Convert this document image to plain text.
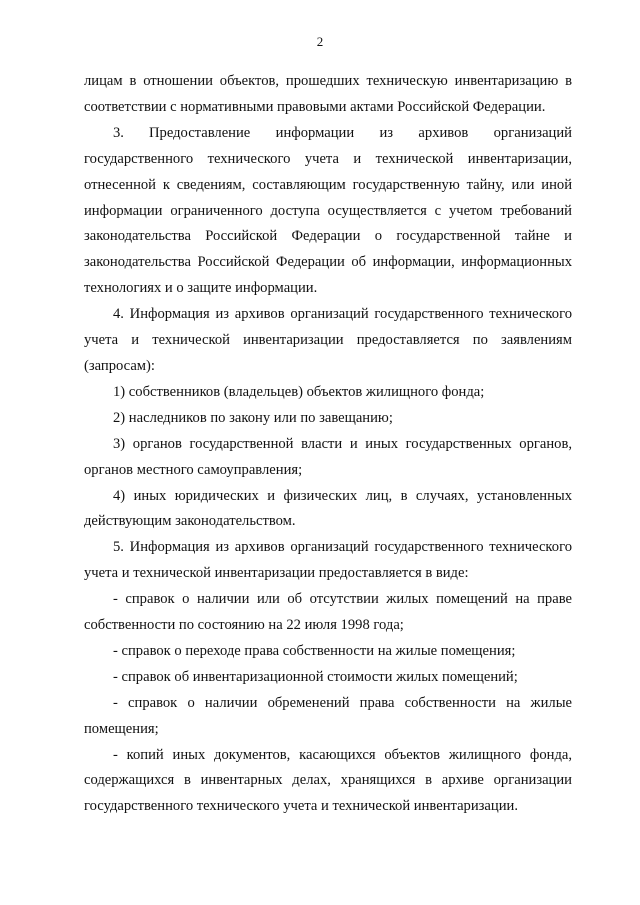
2

лицам в отношении объектов, прошедших техническую инвентаризацию в соответствии с нормативными правовыми актами Российской Федерации.

3. Предоставление информации из архивов организаций государственного технического учета и технической инвентаризации, отнесенной к сведениям, составляющим государственную тайну, или иной информации ограниченного доступа осуществляется с учетом требований законодательства Российской Федерации о государственной тайне и законодательства Российской Федерации об информации, информационных технологиях и о защите информации.

4. Информация из архивов организаций государственного технического учета и технической инвентаризации предоставляется по заявлениям (запросам):

1) собственников (владельцев) объектов жилищного фонда;

2) наследников по закону или по завещанию;

3) органов государственной власти и иных государственных органов, органов местного самоуправления;

4) иных юридических и физических лиц, в случаях, установленных действующим законодательством.

5. Информация из архивов организаций государственного технического учета и технической инвентаризации предоставляется в виде:

- справок о наличии или об отсутствии жилых помещений на праве собственности по состоянию на 22 июля 1998 года;

- справок о переходе права собственности на жилые помещения;

- справок об инвентаризационной стоимости жилых помещений;

- справок о наличии обременений права собственности на жилые помещения;

- копий иных документов, касающихся объектов жилищного фонда, содержащихся в инвентарных делах, хранящихся в архиве организации государственного технического учета и технической инвентаризации.
